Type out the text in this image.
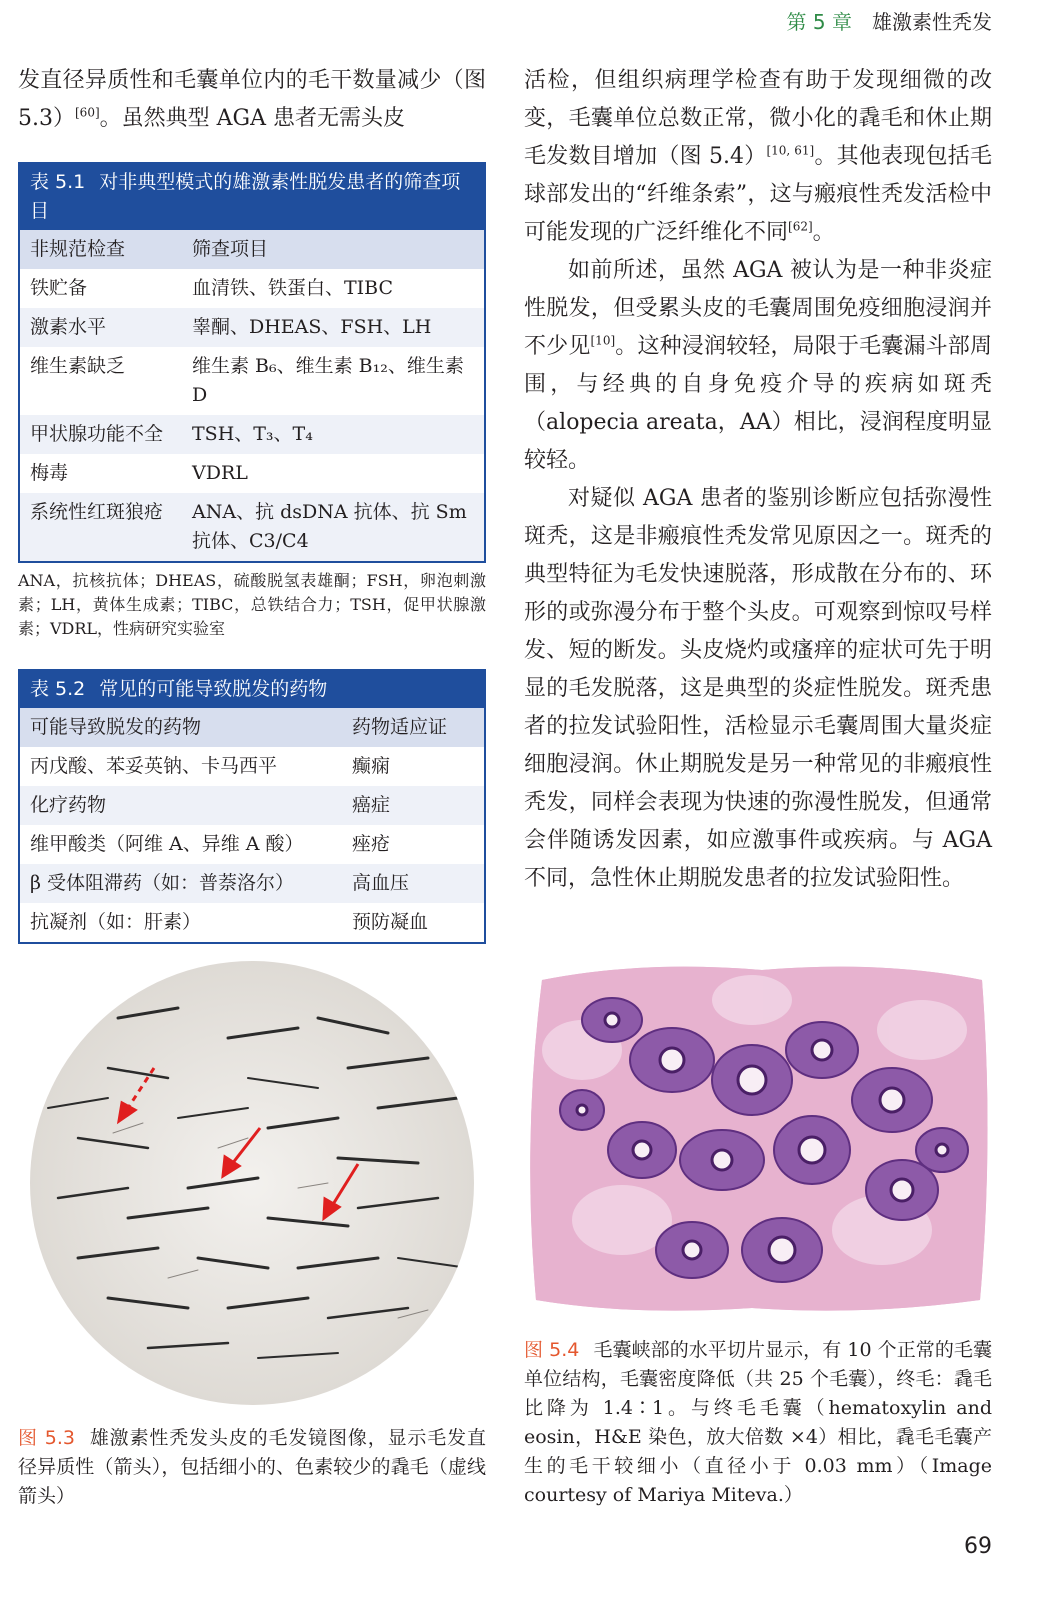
第 5 章 雄激素性秃发

发直径异质性和毛囊单位内的毛干数量减少（图 5.3）[60]。虽然典型 AGA 患者无需头皮

表 5.1 对非典型模式的雄激素性脱发患者的筛查项目
非规范检查	筛查项目
铁贮备	血清铁、铁蛋白、TIBC
激素水平	睾酮、DHEAS、FSH、LH
维生素缺乏	维生素 B₆、维生素 B₁₂、维生素 D
甲状腺功能不全	TSH、T₃、T₄
梅毒	VDRL
系统性红斑狼疮	ANA、抗 dsDNA 抗体、抗 Sm 抗体、C3/C4

ANA，抗核抗体；DHEAS，硫酸脱氢表雄酮；FSH，卵泡刺激素；LH，黄体生成素；TIBC，总铁结合力；TSH，促甲状腺激素；VDRL，性病研究实验室

表 5.2 常见的可能导致脱发的药物
可能导致脱发的药物	药物适应证
丙戊酸、苯妥英钠、卡马西平	癫痫
化疗药物	癌症
维甲酸类（阿维 A、异维 A 酸）	痤疮
β 受体阻滞药（如：普萘洛尔）	高血压
抗凝剂（如：肝素）	预防凝血

活检，但组织病理学检查有助于发现细微的改变，毛囊单位总数正常，微小化的毳毛和休止期毛发数目增加（图 5.4）[10, 61]。其他表现包括毛球部发出的“纤维条索”，这与瘢痕性秃发活检中可能发现的广泛纤维化不同[62]。

如前所述，虽然 AGA 被认为是一种非炎症性脱发，但受累头皮的毛囊周围免疫细胞浸润并不少见[10]。这种浸润较轻，局限于毛囊漏斗部周围，与经典的自身免疫介导的疾病如斑秃（alopecia areata，AA）相比，浸润程度明显较轻。

对疑似 AGA 患者的鉴别诊断应包括弥漫性斑秃，这是非瘢痕性秃发常见原因之一。斑秃的典型特征为毛发快速脱落，形成散在分布的、环形的或弥漫分布于整个头皮。可观察到惊叹号样发、短的断发。头皮烧灼或瘙痒的症状可先于明显的毛发脱落，这是典型的炎症性脱发。斑秃患者的拉发试验阳性，活检显示毛囊周围大量炎症细胞浸润。休止期脱发是另一种常见的非瘢痕性秃发，同样会表现为快速的弥漫性脱发，但通常会伴随诱发因素，如应激事件或疾病。与 AGA 不同，急性休止期脱发患者的拉发试验阳性。

图 5.3 雄激素性秃发头皮的毛发镜图像，显示毛发直径异质性（箭头），包括细小的、色素较少的毳毛（虚线箭头）

图 5.4 毛囊峡部的水平切片显示，有 10 个正常的毛囊单位结构，毛囊密度降低（共 25 个毛囊），终毛：毳毛比降为 1.4∶1。与终毛毛囊（hematoxylin and eosin，H&E 染色，放大倍数 ×4）相比，毳毛毛囊产生的毛干较细小（直径小于 0.03 mm）（Image courtesy of Mariya Miteva.）

69
